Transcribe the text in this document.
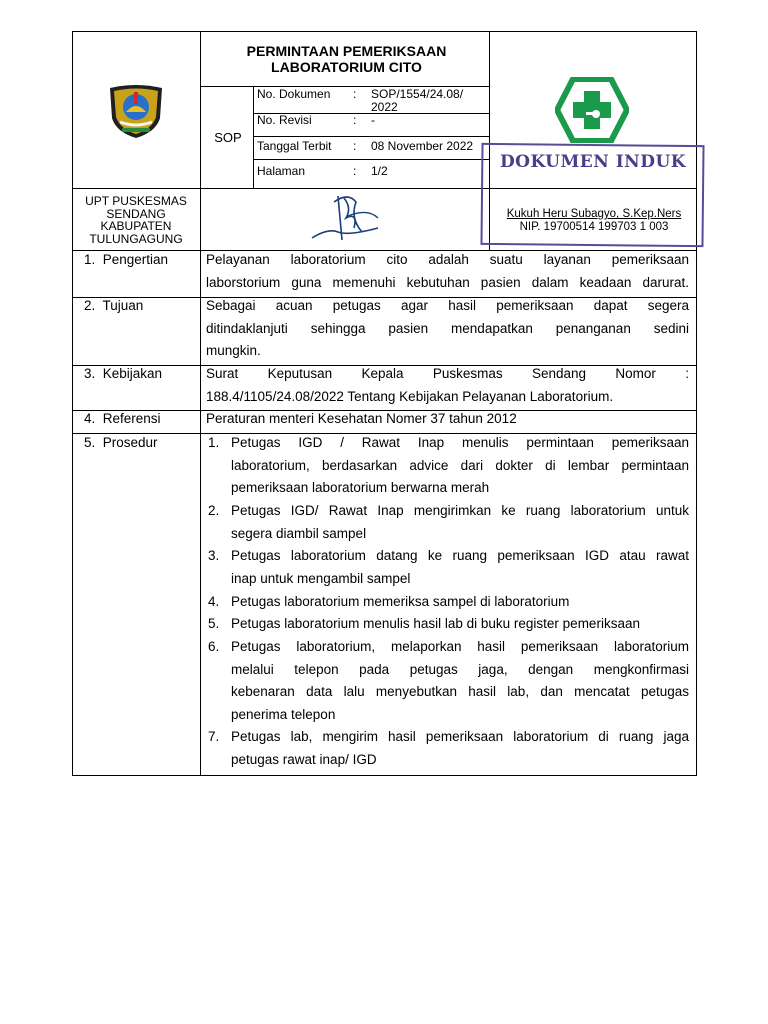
PERMINTAAN PEMERIKSAAN
LABORATORIUM CITO
SOP
No. Dokumen : SOP/1554/24.08/
2022
No. Revisi	: -
Tanggal Terbit : 08 November 2022
Halaman	: 1/2	DOKUMEN INDUK
UPT PUSKESMAS
SENDANG
KABUPATEN
TULUNGAGUNG
Kukuh Heru Subagyo, S.Kep.Ners
NIP. 19700514 199703 1 003
1.  Pengertian	Pelayanan laboratorium cito adalah suatu layanan pemeriksaan
laborstorium guna memenuhi kebutuhan pasien dalam keadaan darurat.
2.  Tujuan	Sebagai acuan petugas agar hasil pemeriksaan dapat segera
ditindaklanjuti sehingga pasien mendapatkan penanganan sedini
mungkin.
3.  Kebijakan	Surat Keputusan Kepala Puskesmas Sendang Nomor :
188.4/1105/24.08/2022 Tentang Kebijakan Pelayanan Laboratorium.
4.  Referensi	Peraturan menteri Kesehatan Nomer 37 tahun 2012
5.  Prosedur	1. Petugas IGD / Rawat Inap menulis permintaan pemeriksaan
laboratorium, berdasarkan advice dari dokter di lembar permintaan
pemeriksaan laboratorium berwarna merah
2. Petugas IGD/ Rawat Inap mengirimkan ke ruang laboratorium untuk
segera diambil sampel
3. Petugas laboratorium datang ke ruang pemeriksaan IGD atau rawat
inap untuk mengambil sampel
4. Petugas laboratorium memeriksa sampel di laboratorium
5. Petugas laboratorium menulis hasil lab di buku register pemeriksaan
6. Petugas laboratorium, melaporkan hasil pemeriksaan laboratorium
melalui telepon pada petugas jaga, dengan mengkonfirmasi
kebenaran data lalu menyebutkan hasil lab, dan mencatat petugas
penerima telepon
7. Petugas lab, mengirim hasil pemeriksaan laboratorium di ruang jaga
petugas rawat inap/ IGD
